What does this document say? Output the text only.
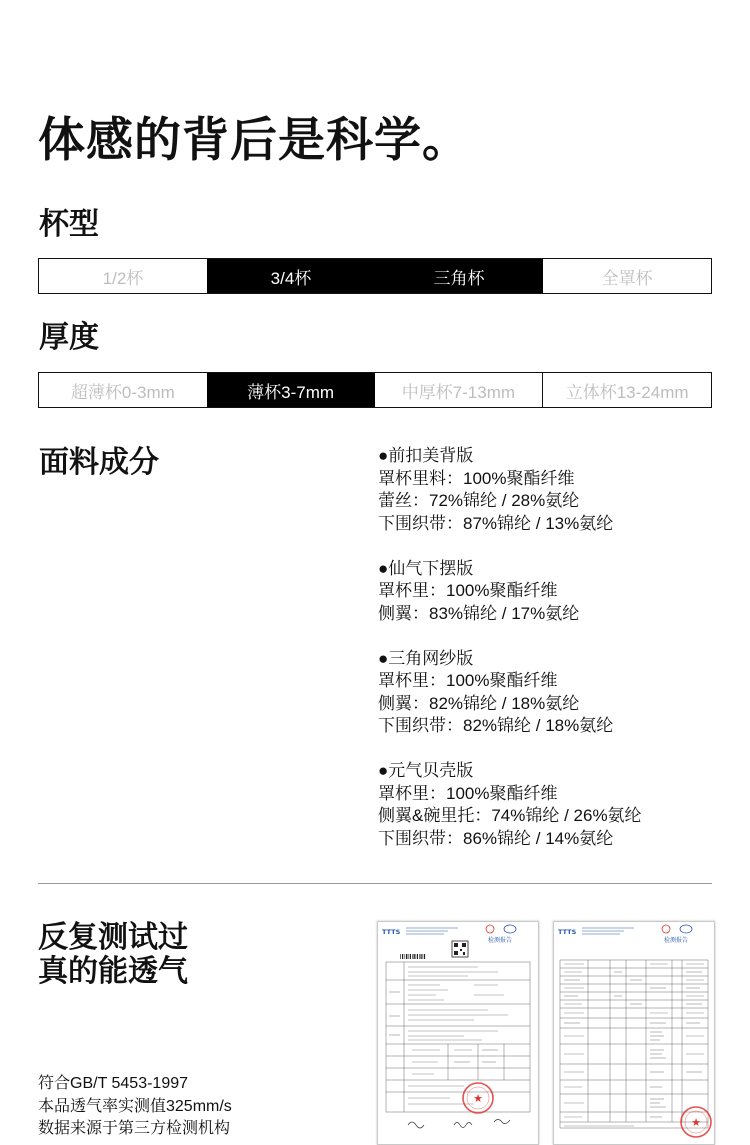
体感的背后是科学。
杯型
1/2杯	3/4杯	三角杯	全罩杯
厚度
超薄杯0-3mm	薄杯3-7mm	中厚杯7-13mm	立体杯13-24mm
面料成分	●前扣美背版
罩杯里料：100%聚酯纤维
蕾丝：72%锦纶 / 28%氨纶
下围织带：87%锦纶 / 13%氨纶
●仙气下摆版
罩杯里：100%聚酯纤维
侧翼：83%锦纶 / 17%氨纶
●三角网纱版
罩杯里：100%聚酯纤维
侧翼：82%锦纶 / 18%氨纶
下围织带：82%锦纶 / 18%氨纶
●元气贝壳版
罩杯里：100%聚酯纤维
侧翼&碗里托：74%锦纶 / 26%氨纶
下围织带：86%锦纶 / 14%氨纶
反复测试过
真的能透气
符合GB/T 5453-1997
本品透气率实测值325mm/s
数据来源于第三方检测机构
TTTS
检测报告
★
TTTS
检测报告
★
